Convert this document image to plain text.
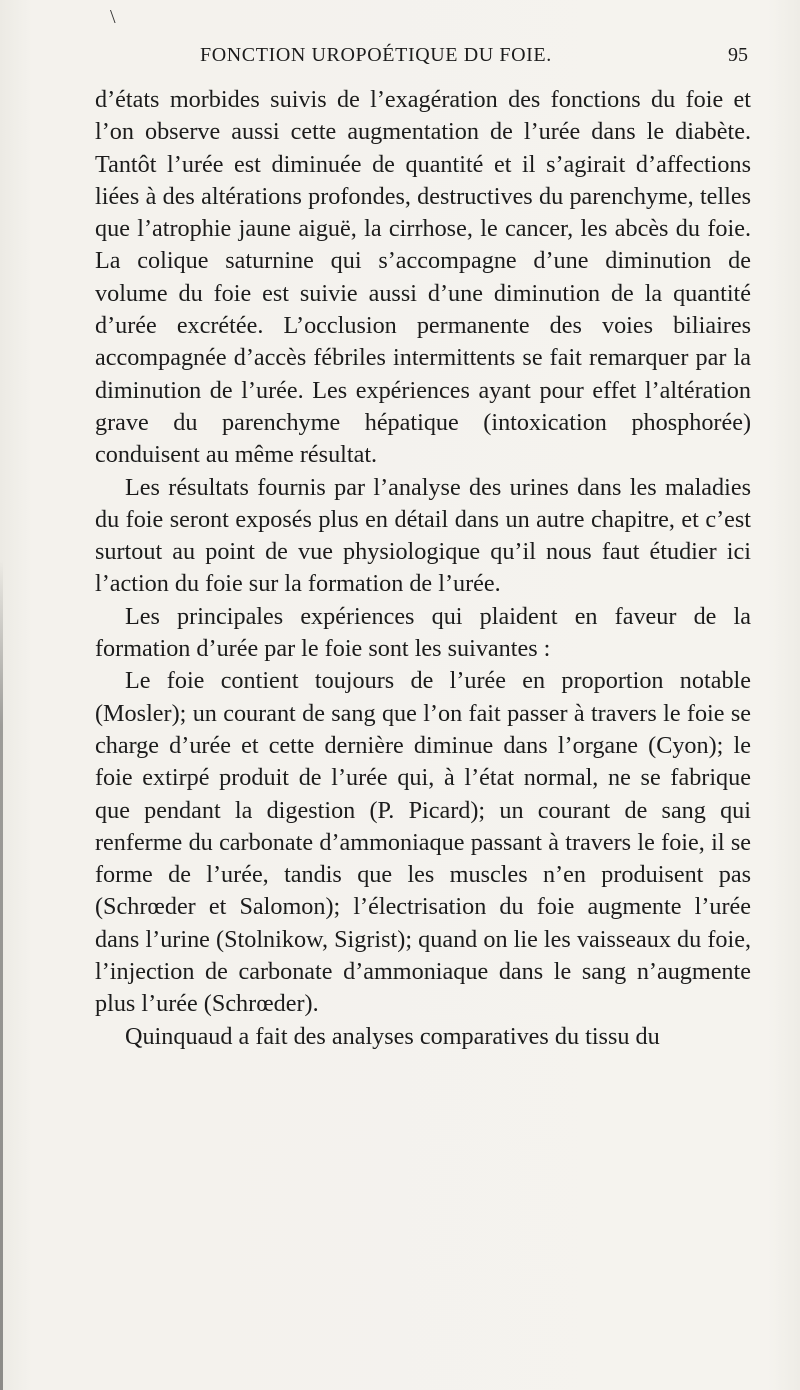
\
FONCTION UROPOÉTIQUE DU FOIE.	95

d’états morbides suivis de l’exagération des fonctions du foie et l’on observe aussi cette augmentation de l’urée dans le diabète. Tantôt l’urée est diminuée de quantité et il s’agirait d’affections liées à des altérations profondes, destructives du parenchyme, telles que l’atrophie jaune aiguë, la cirrhose, le cancer, les abcès du foie. La colique saturnine qui s’accompagne d’une diminution de volume du foie est suivie aussi d’une diminution de la quantité d’urée excrétée. L’occlusion permanente des voies biliaires accompagnée d’accès fébriles intermittents se fait remarquer par la diminution de l’urée. Les expériences ayant pour effet l’altération grave du parenchyme hépatique (intoxication phosphorée) conduisent au même résultat.

Les résultats fournis par l’analyse des urines dans les maladies du foie seront exposés plus en détail dans un autre chapitre, et c’est surtout au point de vue physiologique qu’il nous faut étudier ici l’action du foie sur la formation de l’urée.

Les principales expériences qui plaident en faveur de la formation d’urée par le foie sont les suivantes :

Le foie contient toujours de l’urée en proportion notable (Mosler); un courant de sang que l’on fait passer à travers le foie se charge d’urée et cette dernière diminue dans l’organe (Cyon); le foie extirpé produit de l’urée qui, à l’état normal, ne se fabrique que pendant la digestion (P. Picard); un courant de sang qui renferme du carbonate d’ammoniaque passant à travers le foie, il se forme de l’urée, tandis que les muscles n’en produisent pas (Schrœder et Salomon); l’électrisation du foie augmente l’urée dans l’urine (Stolnikow, Sigrist); quand on lie les vaisseaux du foie, l’injection de carbonate d’ammoniaque dans le sang n’augmente plus l’urée (Schrœder).

Quinquaud a fait des analyses comparatives du tissu du
